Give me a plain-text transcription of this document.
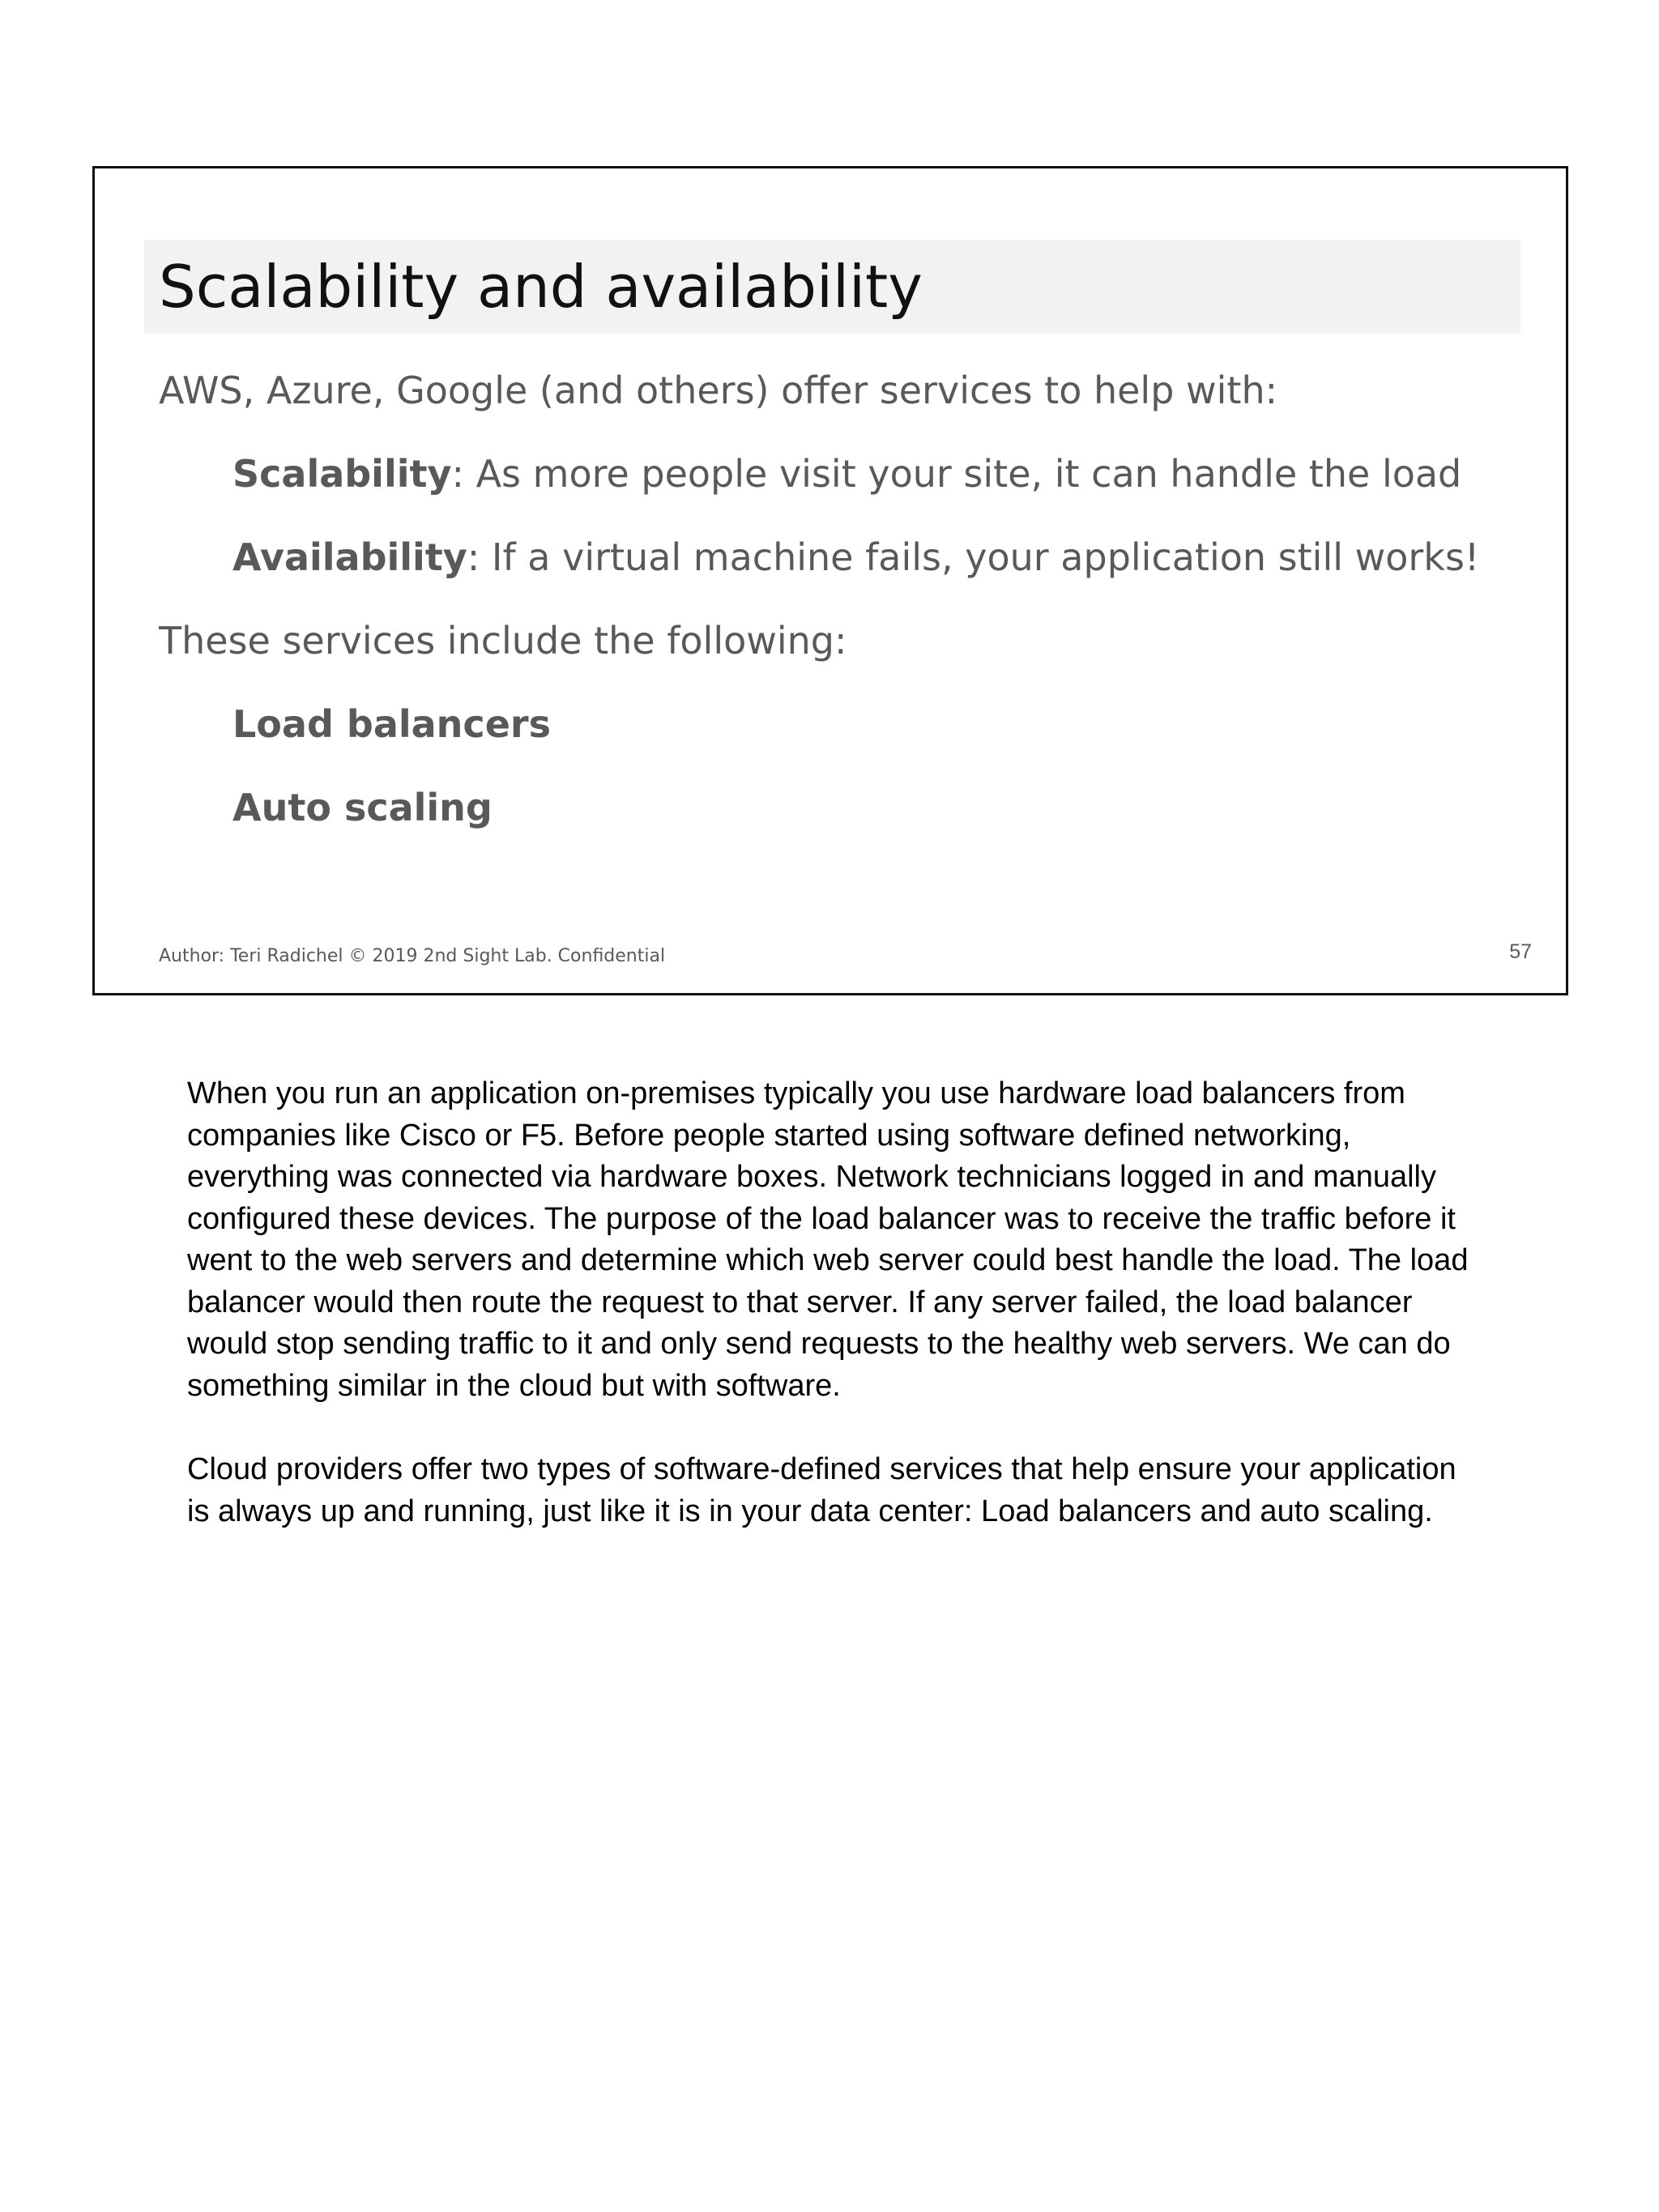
Scalability and availability

AWS, Azure, Google (and others) offer services to help with:

Scalability: As more people visit your site, it can handle the load

Availability: If a virtual machine fails, your application still works!

These services include the following:

Load balancers

Auto scaling

Author: Teri Radichel © 2019 2nd Sight Lab. Confidential	57

When you run an application on-premises typically you use hardware load balancers from companies like Cisco or F5. Before people started using software defined networking, everything was connected via hardware boxes. Network technicians logged in and manually configured these devices. The purpose of the load balancer was to receive the traffic before it went to the web servers and determine which web server could best handle the load. The load balancer would then route the request to that server. If any server failed, the load balancer would stop sending traffic to it and only send requests to the healthy web servers. We can do something similar in the cloud but with software.

Cloud providers offer two types of software-defined services that help ensure your application is always up and running, just like it is in your data center: Load balancers and auto scaling.
